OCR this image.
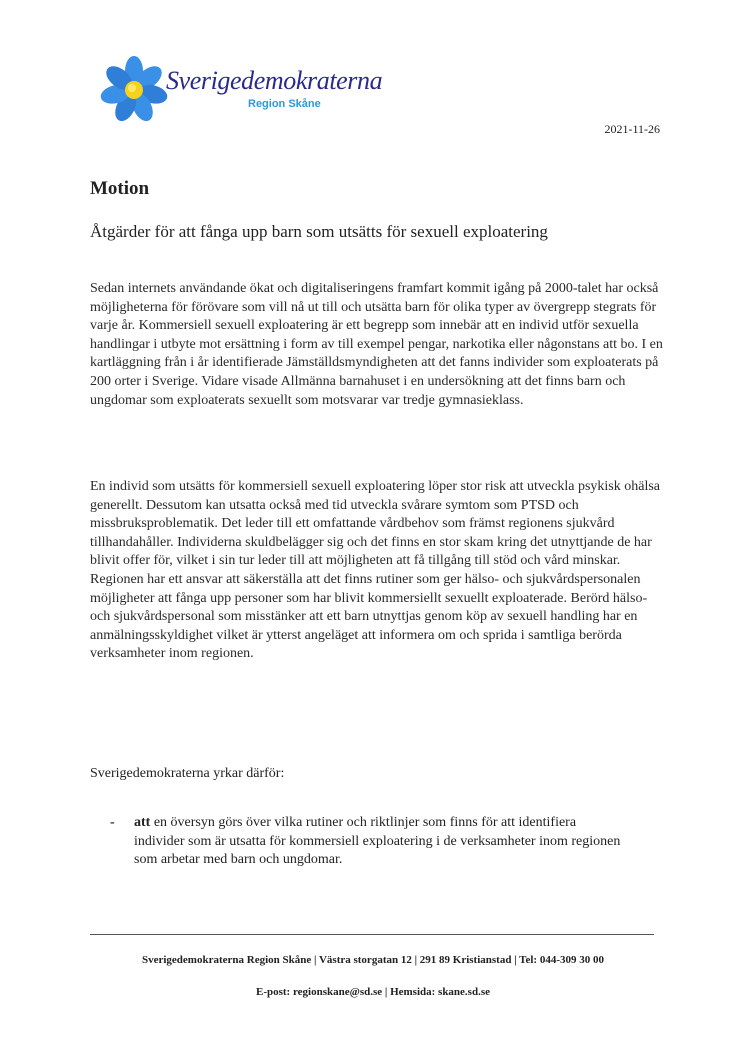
Sverigedemokraterna
Region Skåne
2021-11-26
Motion
Åtgärder för att fånga upp barn som utsätts för sexuell exploatering

Sedan internets användande ökat och digitaliseringens framfart kommit igång på 2000-talet har också möjligheterna för förövare som vill nå ut till och utsätta barn för olika typer av övergrepp stegrats för varje år. Kommersiell sexuell exploatering är ett begrepp som innebär att en individ utför sexuella handlingar i utbyte mot ersättning i form av till exempel pengar, narkotika eller någonstans att bo. I en kartläggning från i år identifierade Jämställdsmyndigheten att det fanns individer som exploaterats på 200 orter i Sverige. Vidare visade Allmänna barnahuset i en undersökning att det finns barn och ungdomar som exploaterats sexuellt som motsvarar var tredje gymnasieklass.

En individ som utsätts för kommersiell sexuell exploatering löper stor risk att utveckla psykisk ohälsa generellt. Dessutom kan utsatta också med tid utveckla svårare symtom som PTSD och missbruksproblematik. Det leder till ett omfattande vårdbehov som främst regionens sjukvård tillhandahåller. Individerna skuldbelägger sig och det finns en stor skam kring det utnyttjande de har blivit offer för, vilket i sin tur leder till att möjligheten att få tillgång till stöd och vård minskar. Regionen har ett ansvar att säkerställa att det finns rutiner som ger hälso- och sjukvårdspersonalen möjligheter att fånga upp personer som har blivit kommersiellt sexuellt exploaterade. Berörd hälso- och sjukvårdspersonal som misstänker att ett barn utnyttjas genom köp av sexuell handling har en anmälningsskyldighet vilket är ytterst angeläget att informera om och sprida i samtliga berörda verksamheter inom regionen.

Sverigedemokraterna yrkar därför:

- att en översyn görs över vilka rutiner och riktlinjer som finns för att identifiera individer som är utsatta för kommersiell exploatering i de verksamheter inom regionen som arbetar med barn och ungdomar.
Sverigedemokraterna Region Skåne | Västra storgatan 12 | 291 89 Kristianstad | Tel: 044-309 30 00
E-post: regionskane@sd.se | Hemsida: skane.sd.se
